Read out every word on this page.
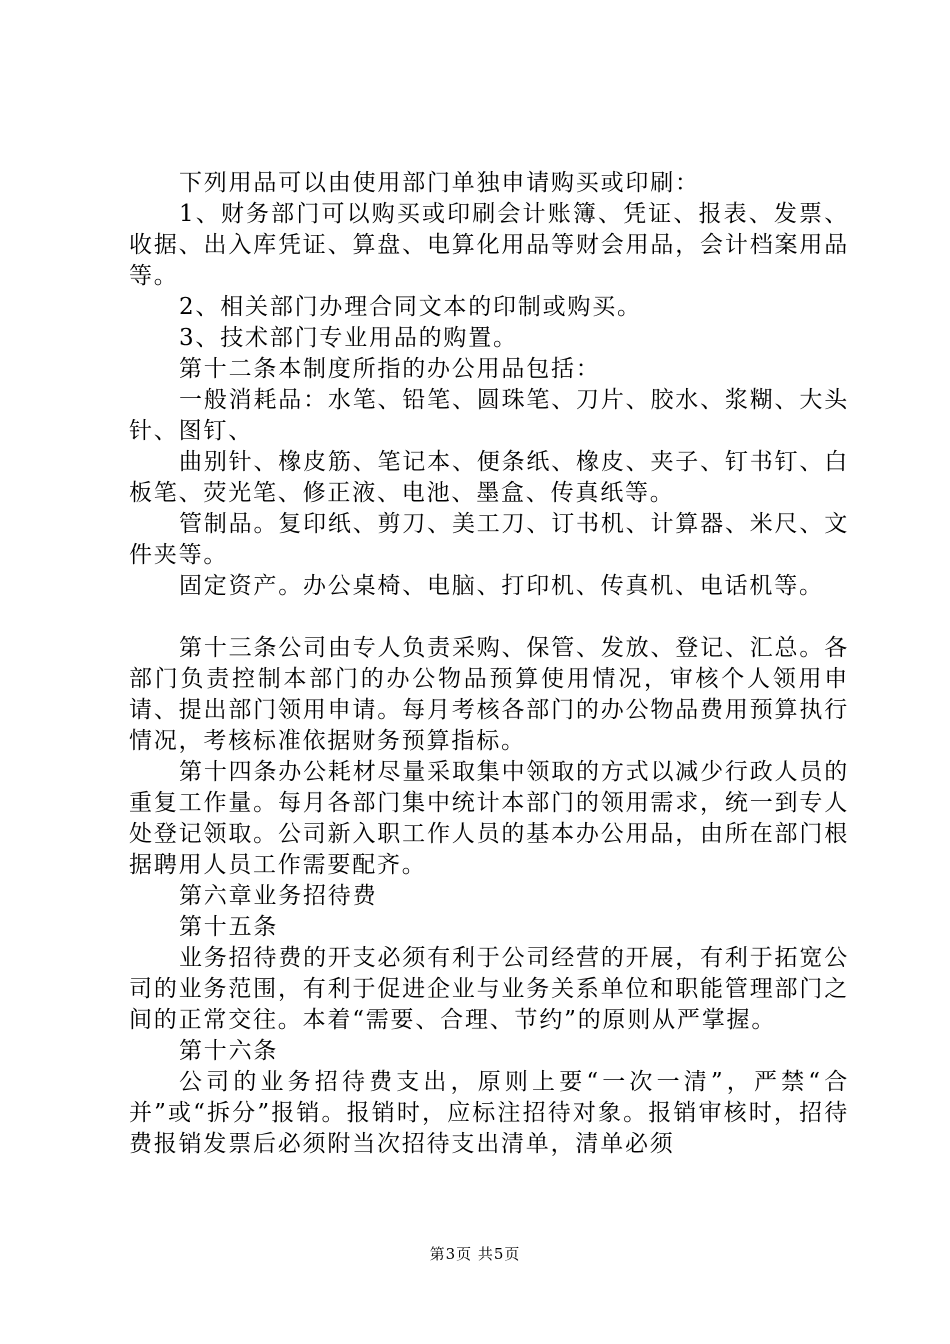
下列用品可以由使用部门单独申请购买或印刷：

1、财务部门可以购买或印刷会计账簿、凭证、报表、发票、收据、出入库凭证、算盘、电算化用品等财会用品，会计档案用品等。

2、相关部门办理合同文本的印制或购买。

3、技术部门专业用品的购置。

第十二条本制度所指的办公用品包括：

一般消耗品：水笔、铅笔、圆珠笔、刀片、胶水、浆糊、大头针、图钉、

曲别针、橡皮筋、笔记本、便条纸、橡皮、夹子、钉书钉、白板笔、荧光笔、修正液、电池、墨盒、传真纸等。

管制品。复印纸、剪刀、美工刀、订书机、计算器、米尺、文件夹等。

固定资产。办公桌椅、电脑、打印机、传真机、电话机等。

第十三条公司由专人负责采购、保管、发放、登记、汇总。各部门负责控制本部门的办公物品预算使用情况，审核个人领用申请、提出部门领用申请。每月考核各部门的办公物品费用预算执行情况，考核标准依据财务预算指标。

第十四条办公耗材尽量采取集中领取的方式以减少行政人员的重复工作量。每月各部门集中统计本部门的领用需求，统一到专人处登记领取。公司新入职工作人员的基本办公用品，由所在部门根据聘用人员工作需要配齐。

第六章业务招待费

第十五条

业务招待费的开支必须有利于公司经营的开展，有利于拓宽公司的业务范围，有利于促进企业与业务关系单位和职能管理部门之间的正常交往。本着“需要、合理、节约”的原则从严掌握。

第十六条

公司的业务招待费支出，原则上要“一次一清”，严禁“合并”或“拆分”报销。报销时，应标注招待对象。报销审核时，招待费报销发票后必须附当次招待支出清单，清单必须

第3页 共5页
